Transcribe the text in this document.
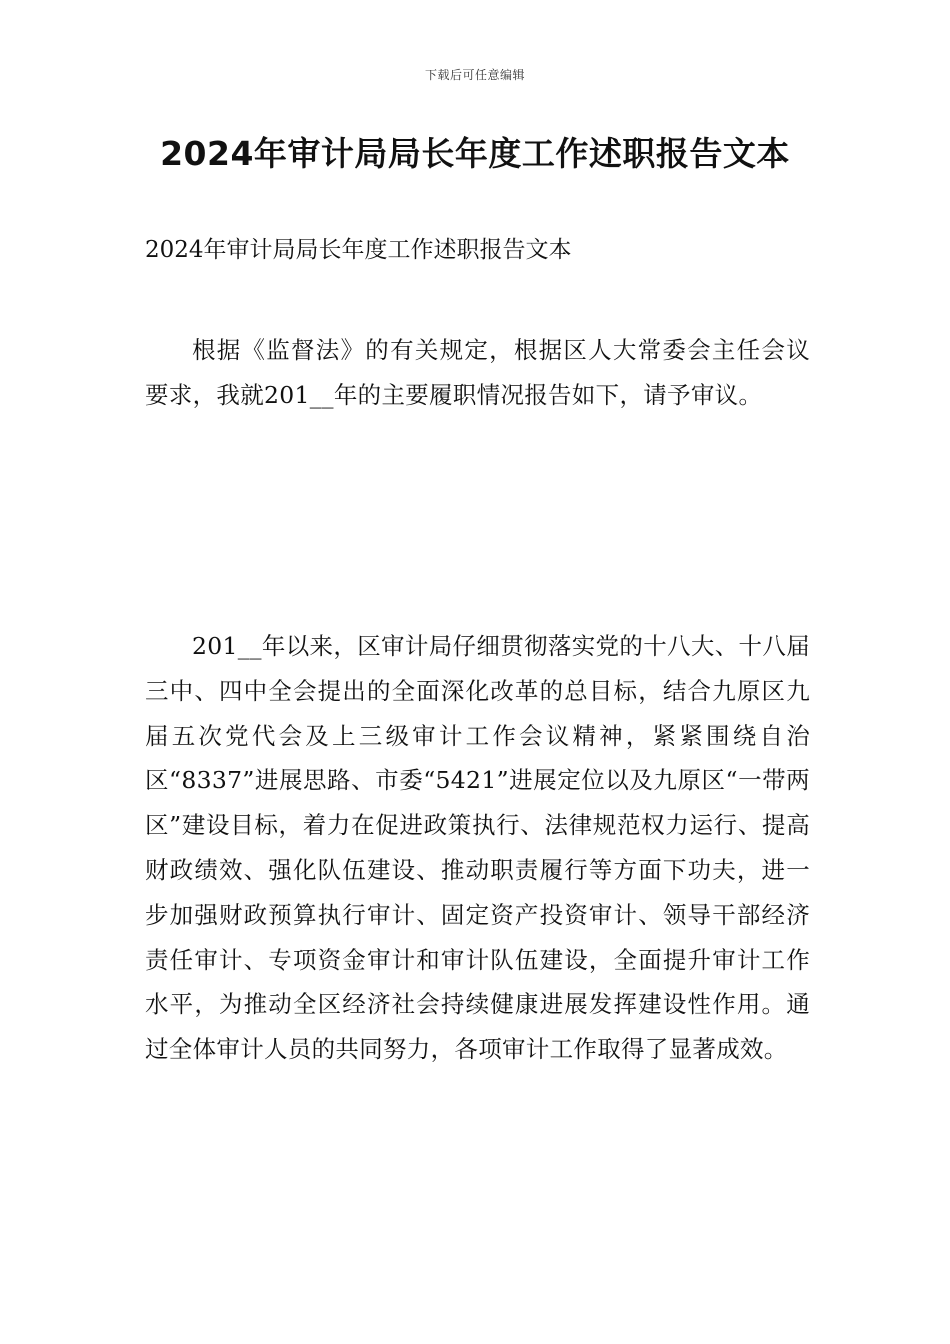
下载后可任意编辑
2024年审计局局长年度工作述职报告文本

2024年审计局局长年度工作述职报告文本

根据《监督法》的有关规定，根据区人大常委会主任会议要求，我就201__年的主要履职情况报告如下，请予审议。

201__年以来，区审计局仔细贯彻落实党的十八大、十八届三中、四中全会提出的全面深化改革的总目标，结合九原区九届五次党代会及上三级审计工作会议精神，紧紧围绕自治区“8337”进展思路、市委“5421”进展定位以及九原区“一带两区”建设目标，着力在促进政策执行、法律规范权力运行、提高财政绩效、强化队伍建设、推动职责履行等方面下功夫，进一步加强财政预算执行审计、固定资产投资审计、领导干部经济责任审计、专项资金审计和审计队伍建设，全面提升审计工作水平，为推动全区经济社会持续健康进展发挥建设性作用。通过全体审计人员的共同努力，各项审计工作取得了显著成效。
